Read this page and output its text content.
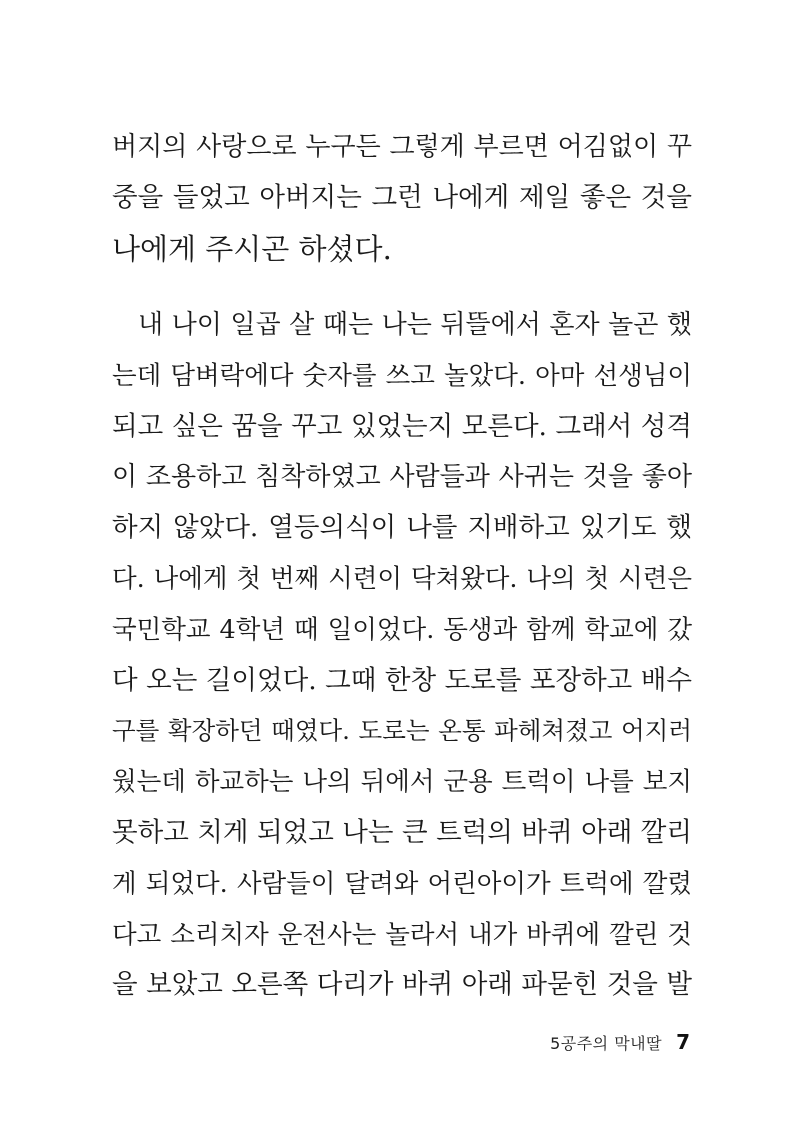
버지의 사랑으로 누구든 그렇게 부르면 어김없이 꾸
중을 들었고 아버지는 그런 나에게 제일 좋은 것을
나에게 주시곤 하셨다.
내 나이 일곱 살 때는 나는 뒤뜰에서 혼자 놀곤 했
는데 담벼락에다 숫자를 쓰고 놀았다. 아마 선생님이
되고 싶은 꿈을 꾸고 있었는지 모른다. 그래서 성격
이 조용하고 침착하였고 사람들과 사귀는 것을 좋아
하지 않았다. 열등의식이 나를 지배하고 있기도 했
다. 나에게 첫 번째 시련이 닥쳐왔다. 나의 첫 시련은
국민학교 4학년 때 일이었다. 동생과 함께 학교에 갔
다 오는 길이었다. 그때 한창 도로를 포장하고 배수
구를 확장하던 때였다. 도로는 온통 파헤쳐졌고 어지러
웠는데 하교하는 나의 뒤에서 군용 트럭이 나를 보지
못하고 치게 되었고 나는 큰 트럭의 바퀴 아래 깔리
게 되었다. 사람들이 달려와 어린아이가 트럭에 깔렸
다고 소리치자 운전사는 놀라서 내가 바퀴에 깔린 것
을 보았고 오른쪽 다리가 바퀴 아래 파묻힌 것을 발
5공주의 막내딸 7
